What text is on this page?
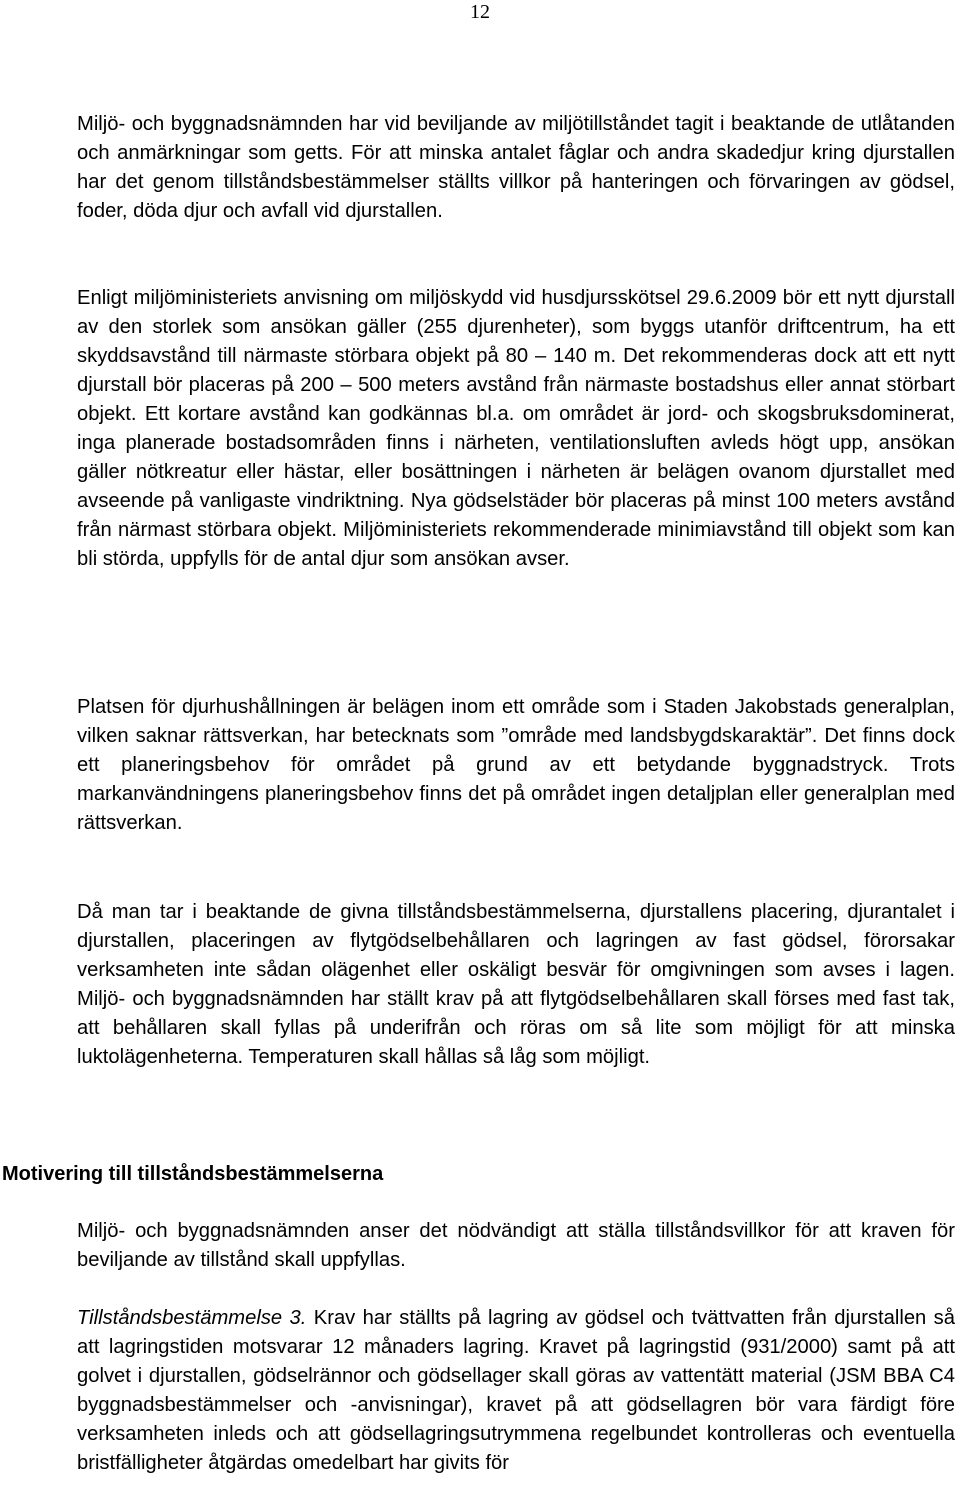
12

Miljö- och byggnadsnämnden har vid beviljande av miljötillståndet tagit i beaktande de utlåtanden och anmärkningar som getts. För att minska antalet fåglar och andra skadedjur kring djurstallen har det genom tillståndsbestämmelser ställts villkor på hanteringen och förvaringen av gödsel, foder, döda djur och avfall vid djurstallen.

Enligt miljöministeriets anvisning om miljöskydd vid husdjursskötsel 29.6.2009 bör ett nytt djurstall av den storlek som ansökan gäller (255 djurenheter), som byggs utanför driftcentrum, ha ett skyddsavstånd till närmaste störbara objekt på 80 – 140 m. Det rekommenderas dock att ett nytt djurstall bör placeras på 200 – 500 meters avstånd från närmaste bostadshus eller annat störbart objekt. Ett kortare avstånd kan godkännas bl.a. om området är jord- och skogsbruksdominerat, inga planerade bostadsområden finns i närheten, ventilationsluften avleds högt upp, ansökan gäller nötkreatur eller hästar, eller bosättningen i närheten är belägen ovanom djurstallet med avseende på vanligaste vindriktning. Nya gödselstäder bör placeras på minst 100 meters avstånd från närmast störbara objekt. Miljöministeriets rekommenderade minimiavstånd till objekt som kan bli störda, uppfylls för de antal djur som ansökan avser.

Platsen för djurhushållningen är belägen inom ett område som i Staden Jakobstads generalplan, vilken saknar rättsverkan, har betecknats som ”område med landsbygdskaraktär”. Det finns dock ett planeringsbehov för området på grund av ett betydande byggnadstryck. Trots markanvändningens planeringsbehov finns det på området ingen detaljplan eller generalplan med rättsverkan.

Då man tar i beaktande de givna tillståndsbestämmelserna, djurstallens placering, djurantalet i djurstallen, placeringen av flytgödselbehållaren och lagringen av fast gödsel, förorsakar verksamheten inte sådan olägenhet eller oskäligt besvär för omgivningen som avses i lagen. Miljö- och byggnadsnämnden har ställt krav på att flytgödselbehållaren skall förses med fast tak, att behållaren skall fyllas på underifrån och röras om så lite som möjligt för att minska luktolägenheterna. Temperaturen skall hållas så låg som möjligt.

Motivering till tillståndsbestämmelserna

Miljö- och byggnadsnämnden anser det nödvändigt att ställa tillståndsvillkor för att kraven för beviljande av tillstånd skall uppfyllas.

Tillståndsbestämmelse 3. Krav har ställts på lagring av gödsel och tvättvatten från djurstallen så att lagringstiden motsvarar 12 månaders lagring. Kravet på lagringstid (931/2000) samt på att golvet i djurstallen, gödselrännor och gödsellager skall göras av vattentätt material (JSM BBA C4 byggnadsbestämmelser och -anvisningar), kravet på att gödsellagren bör vara färdigt före verksamheten inleds och att gödsellagringsutrymmena regelbundet kontrolleras och eventuella bristfälligheter åtgärdas omedelbart har givits för
